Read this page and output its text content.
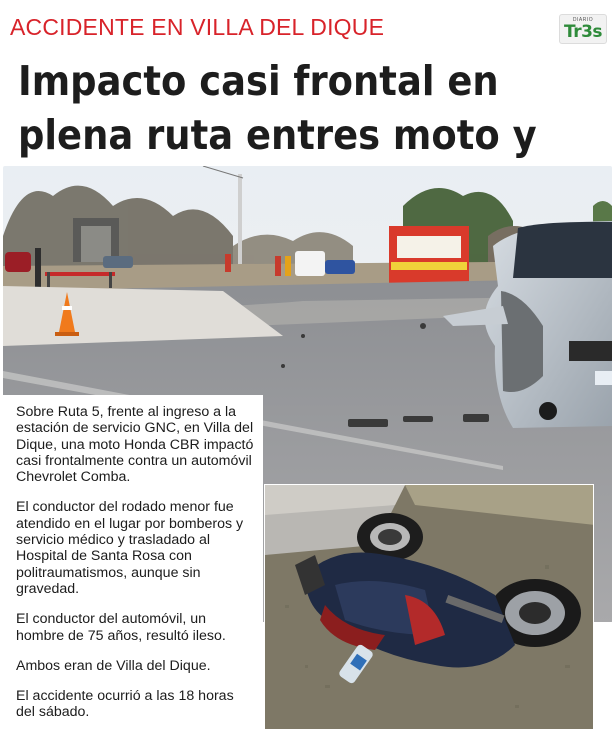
ACCIDENTE EN VILLA DEL DIQUE	DIARIO
Tr3s
Impacto casi frontal en plena ruta entres moto y

Sobre Ruta 5, frente al ingreso a la estación de servicio GNC, en Villa del Dique, una moto Honda CBR impactó casi frontalmente contra un automóvil Chevrolet Comba.

El conductor del rodado menor fue atendido en el lugar por bomberos y servicio médico y trasladado al Hospital de Santa Rosa con politraumatismos, aunque sin gravedad.

El conductor del automóvil, un hombre de 75 años, resultó ileso.

Ambos eran de Villa del Dique.

El accidente ocurrió a las 18 horas del sábado.
